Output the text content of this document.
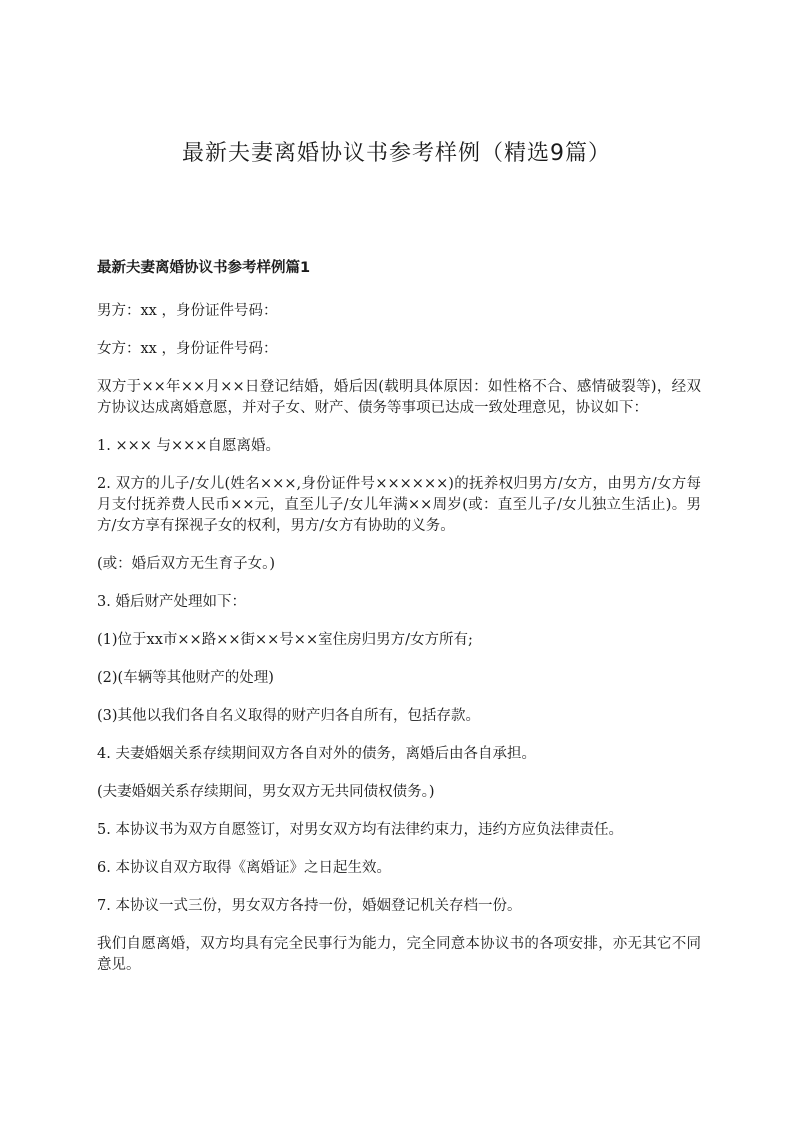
最新夫妻离婚协议书参考样例（精选9篇）
最新夫妻离婚协议书参考样例篇1

男方：xx ，身份证件号码：

女方：xx ，身份证件号码：

双方于××年××月××日登记结婚，婚后因(载明具体原因：如性格不合、感情破裂等)，经双方协议达成离婚意愿，并对子女、财产、债务等事项已达成一致处理意见，协议如下：

1. ××× 与×××自愿离婚。

2. 双方的儿子/女儿(姓名×××,身份证件号××××××)的抚养权归男方/女方，由男方/女方每月支付抚养费人民币××元，直至儿子/女儿年满××周岁(或：直至儿子/女儿独立生活止)。男方/女方享有探视子女的权利，男方/女方有协助的义务。

(或：婚后双方无生育子女。)

3. 婚后财产处理如下：

(1)位于xx市××路××街××号××室住房归男方/女方所有;

(2)(车辆等其他财产的处理)

(3)其他以我们各自名义取得的财产归各自所有，包括存款。

4. 夫妻婚姻关系存续期间双方各自对外的债务，离婚后由各自承担。

(夫妻婚姻关系存续期间，男女双方无共同债权债务。)

5. 本协议书为双方自愿签订，对男女双方均有法律约束力，违约方应负法律责任。

6. 本协议自双方取得《离婚证》之日起生效。

7. 本协议一式三份，男女双方各持一份，婚姻登记机关存档一份。

我们自愿离婚，双方均具有完全民事行为能力，完全同意本协议书的各项安排，亦无其它不同意见。
